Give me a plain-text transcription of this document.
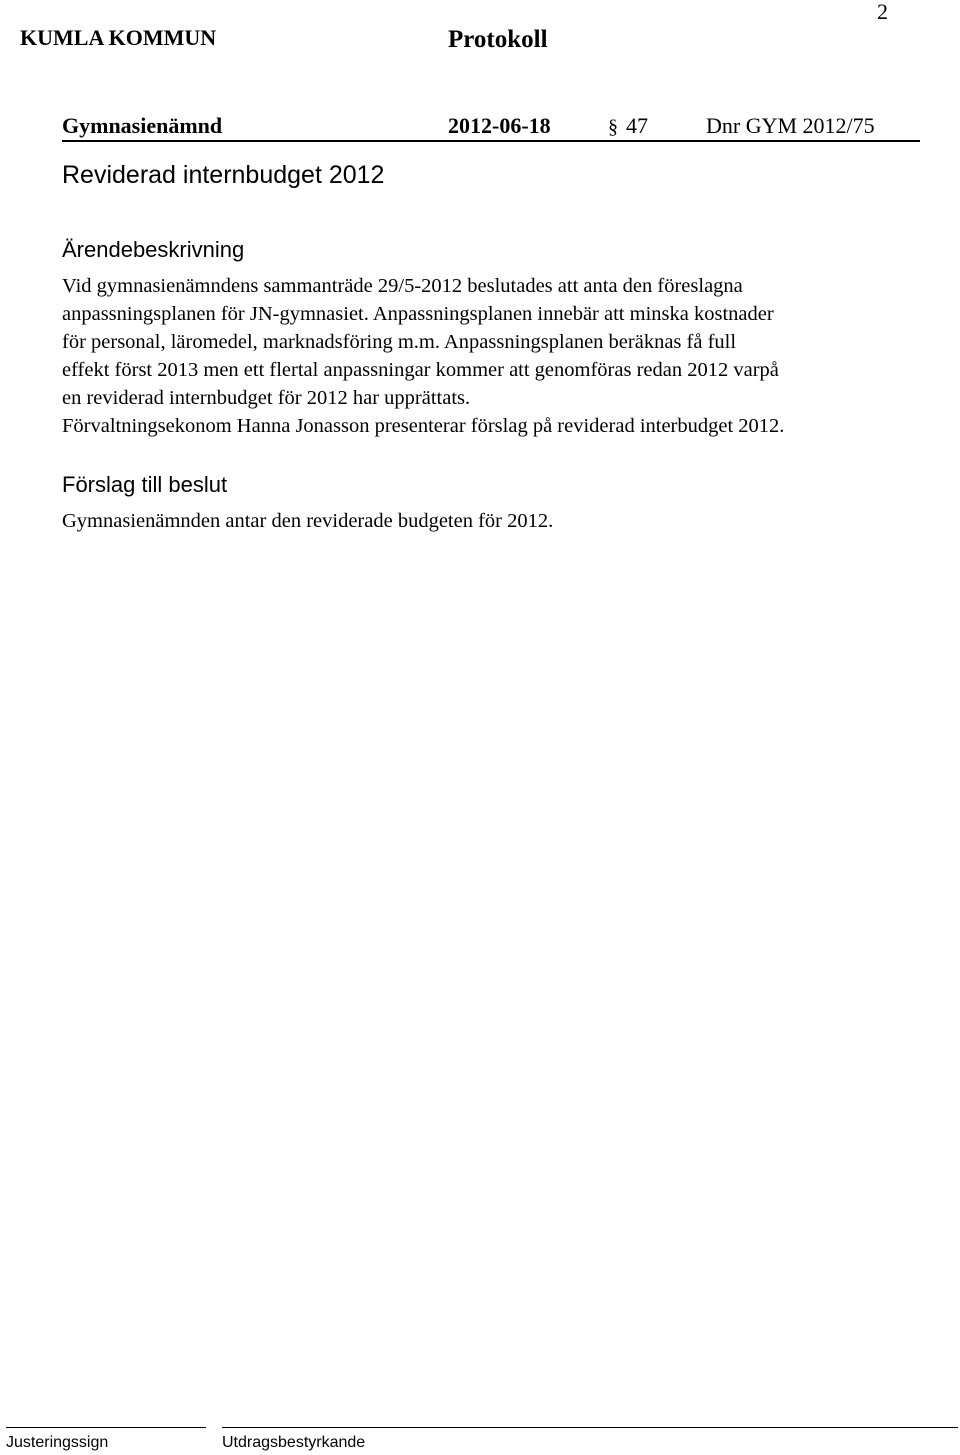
2
KUMLA KOMMUN	Protokoll
Gymnasienämnd	2012-06-18	§ 47	Dnr GYM 2012/75
Reviderad internbudget 2012
Ärendebeskrivning
Vid gymnasienämndens sammanträde 29/5-2012 beslutades att anta den föreslagna
anpassningsplanen för JN-gymnasiet. Anpassningsplanen innebär att minska kostnader
för personal, läromedel, marknadsföring m.m. Anpassningsplanen beräknas få full
effekt först 2013 men ett flertal anpassningar kommer att genomföras redan 2012 varpå
en reviderad internbudget för 2012 har upprättats.
Förvaltningsekonom Hanna Jonasson presenterar förslag på reviderad interbudget 2012.
Förslag till beslut
Gymnasienämnden antar den reviderade budgeten för 2012.
Justeringssign	Utdragsbestyrkande
